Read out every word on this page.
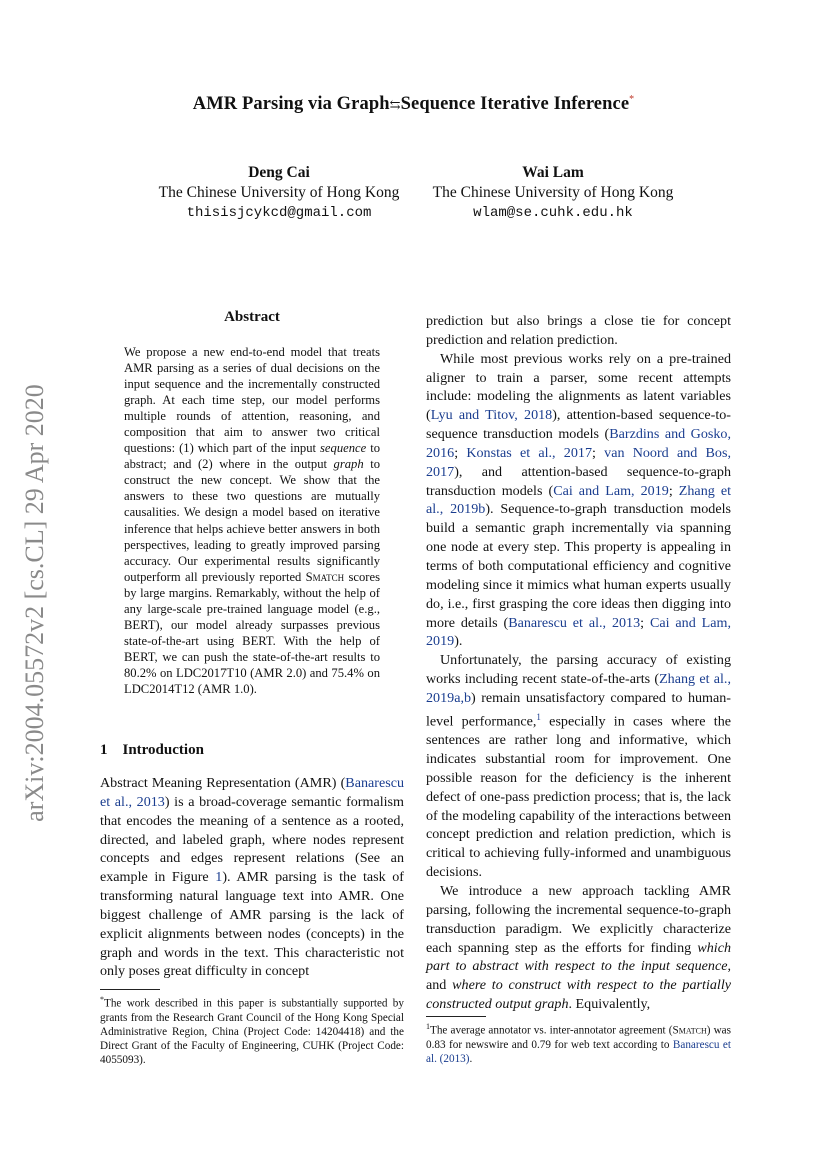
AMR Parsing via Graph⇆Sequence Iterative Inference*
Deng Cai
The Chinese University of Hong Kong
thisisjcykcd@gmail.com
Wai Lam
The Chinese University of Hong Kong
wlam@se.cuhk.edu.hk
arXiv:2004.05572v2 [cs.CL] 29 Apr 2020
Abstract
We propose a new end-to-end model that treats AMR parsing as a series of dual decisions on the input sequence and the incrementally constructed graph. At each time step, our model performs multiple rounds of attention, reasoning, and composition that aim to answer two critical questions: (1) which part of the input sequence to abstract; and (2) where in the output graph to construct the new concept. We show that the answers to these two questions are mutually causalities. We design a model based on iterative inference that helps achieve better answers in both perspectives, leading to greatly improved parsing accuracy. Our experimental results significantly outperform all previously reported Smatch scores by large margins. Remarkably, without the help of any large-scale pre-trained language model (e.g., BERT), our model already surpasses previous state-of-the-art using BERT. With the help of BERT, we can push the state-of-the-art results to 80.2% on LDC2017T10 (AMR 2.0) and 75.4% on LDC2014T12 (AMR 1.0).
1 Introduction
Abstract Meaning Representation (AMR) (Banarescu et al., 2013) is a broad-coverage semantic formalism that encodes the meaning of a sentence as a rooted, directed, and labeled graph, where nodes represent concepts and edges represent relations (See an example in Figure 1). AMR parsing is the task of transforming natural language text into AMR. One biggest challenge of AMR parsing is the lack of explicit alignments between nodes (concepts) in the graph and words in the text. This characteristic not only poses great difficulty in concept
*The work described in this paper is substantially supported by grants from the Research Grant Council of the Hong Kong Special Administrative Region, China (Project Code: 14204418) and the Direct Grant of the Faculty of Engineering, CUHK (Project Code: 4055093).

prediction but also brings a close tie for concept prediction and relation prediction.

While most previous works rely on a pre-trained aligner to train a parser, some recent attempts include: modeling the alignments as latent variables (Lyu and Titov, 2018), attention-based sequence-to-sequence transduction models (Barzdins and Gosko, 2016; Konstas et al., 2017; van Noord and Bos, 2017), and attention-based sequence-to-graph transduction models (Cai and Lam, 2019; Zhang et al., 2019b). Sequence-to-graph transduction models build a semantic graph incrementally via spanning one node at every step. This property is appealing in terms of both computational efficiency and cognitive modeling since it mimics what human experts usually do, i.e., first grasping the core ideas then digging into more details (Banarescu et al., 2013; Cai and Lam, 2019).

Unfortunately, the parsing accuracy of existing works including recent state-of-the-arts (Zhang et al., 2019a,b) remain unsatisfactory compared to human-level performance,$^1$ especially in cases where the sentences are rather long and informative, which indicates substantial room for improvement. One possible reason for the deficiency is the inherent defect of one-pass prediction process; that is, the lack of the modeling capability of the interactions between concept prediction and relation prediction, which is critical to achieving fully-informed and unambiguous decisions.

We introduce a new approach tackling AMR parsing, following the incremental sequence-to-graph transduction paradigm. We explicitly characterize each spanning step as the efforts for finding which part to abstract with respect to the input sequence, and where to construct with respect to the partially constructed output graph. Equivalently,

$^1$The average annotator vs. inter-annotator agreement (Smatch) was 0.83 for newswire and 0.79 for web text according to Banarescu et al. (2013).
